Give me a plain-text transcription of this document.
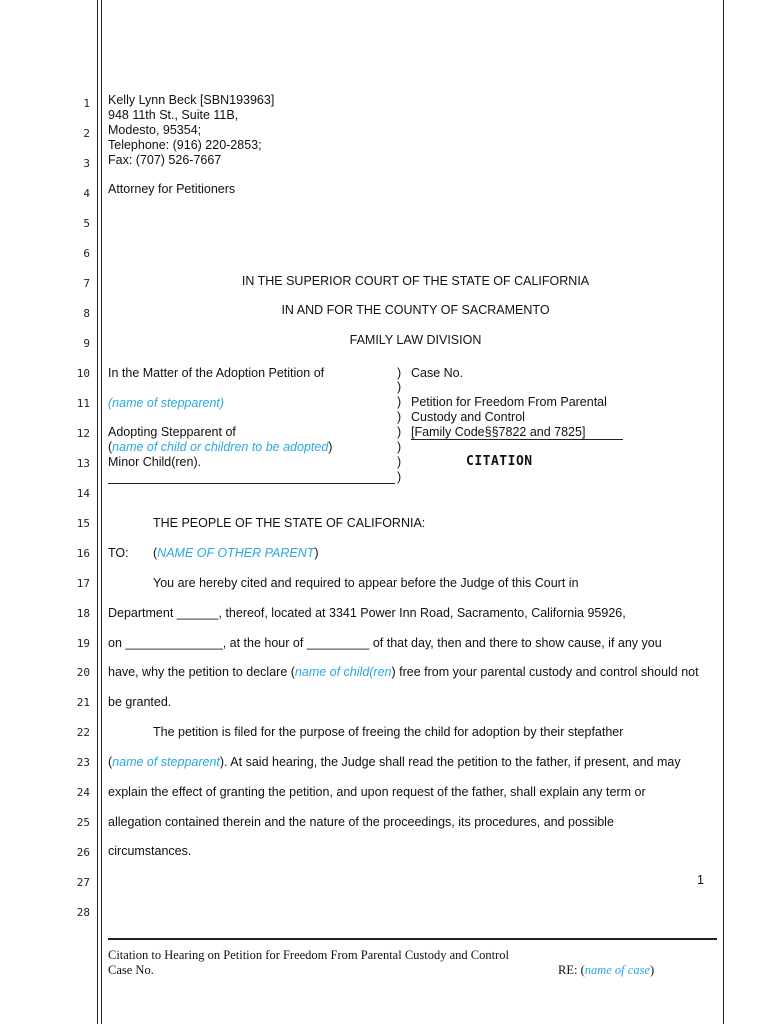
1
2
3
4
5
6
7
8
9
10
11
12
13
14
15
16
17
18
19
20
21
22
23
24
25
26
27
28
Kelly Lynn Beck [SBN193963]
948 11th St., Suite 11B,
Modesto, 95354;
Telephone: (916) 220-2853;
Fax: (707) 526-7667
Attorney for Petitioners
IN THE SUPERIOR COURT OF THE STATE OF CALIFORNIA
IN AND FOR THE COUNTY OF SACRAMENTO
FAMILY LAW DIVISION
In the Matter of the Adoption Petition of
(name of stepparent)
Adopting Stepparent of
(name of child or children to be adopted)
Minor Child(ren).
)
)
)
)
)
)
)
)
Case No.
Petition for Freedom From Parental
Custody and Control
[Family Code§§7822 and 7825]
CITATION
THE PEOPLE OF THE STATE OF CALIFORNIA:
TO: (NAME OF OTHER PARENT)
You are hereby cited and required to appear before the Judge of this Court in
Department ______, thereof, located at 3341 Power Inn Road, Sacramento, California 95926,
on ______________, at the hour of _________ of that day, then and there to show cause, if any you
have, why the petition to declare (name of child(ren) free from your parental custody and control should not
be granted.
The petition is filed for the purpose of freeing the child for adoption by their stepfather
(name of stepparent). At said hearing, the Judge shall read the petition to the father, if present, and may
explain the effect of granting the petition, and upon request of the father, shall explain any term or
allegation contained therein and the nature of the proceedings, its procedures, and possible
circumstances.
1
Citation to Hearing on Petition for Freedom From Parental Custody and Control
Case No.	RE: (name of case)
